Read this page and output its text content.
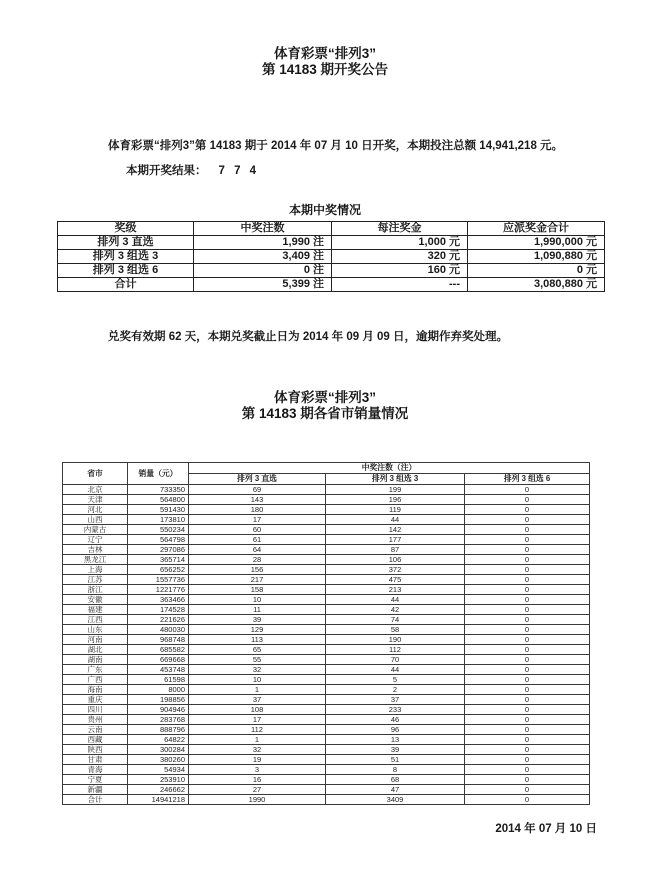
体育彩票“排列3”
第 14183 期开奖公告
体育彩票“排列3”第 14183 期于 2014 年 07 月 10 日开奖，本期投注总额 14,941,218 元。
本期开奖结果： 7 7 4
本期中奖情况
奖级	中奖注数	每注奖金	应派奖金合计
排列 3 直选	1,990 注	1,000 元	1,990,000 元
排列 3 组选 3	3,409 注	320 元	1,090,880 元
排列 3 组选 6	0 注	160 元	0 元
合计	5,399 注	---	3,080,880 元
兑奖有效期 62 天，本期兑奖截止日为 2014 年 09 月 09 日，逾期作弃奖处理。
体育彩票“排列3”
第 14183 期各省市销量情况
省市	销量（元）	中奖注数（注）		
		排列 3 直选	排列 3 组选 3	排列 3 组选 6
北京	733350	69	199	0
天津	564800	143	196	0
河北	591430	180	119	0
山西	173810	17	44	0
内蒙古	550234	60	142	0
辽宁	564798	61	177	0
吉林	297086	64	87	0
黑龙江	365714	28	106	0
上海	656252	156	372	0
江苏	1557736	217	475	0
浙江	1221776	158	213	0
安徽	363466	10	44	0
福建	174528	11	42	0
江西	221626	39	74	0
山东	480030	129	58	0
河南	968748	113	190	0
湖北	685582	65	112	0
湖南	669668	55	70	0
广东	453748	32	44	0
广西	61598	10	5	0
海南	8000	1	2	0
重庆	198856	37	37	0
四川	904946	108	233	0
贵州	283768	17	46	0
云南	888796	112	96	0
西藏	64822	1	13	0
陕西	300284	32	39	0
甘肃	380260	19	51	0
青海	54934	3	8	0
宁夏	253910	16	68	0
新疆	246662	27	47	0
合计	14941218	1990	3409	0
2014 年 07 月 10 日
